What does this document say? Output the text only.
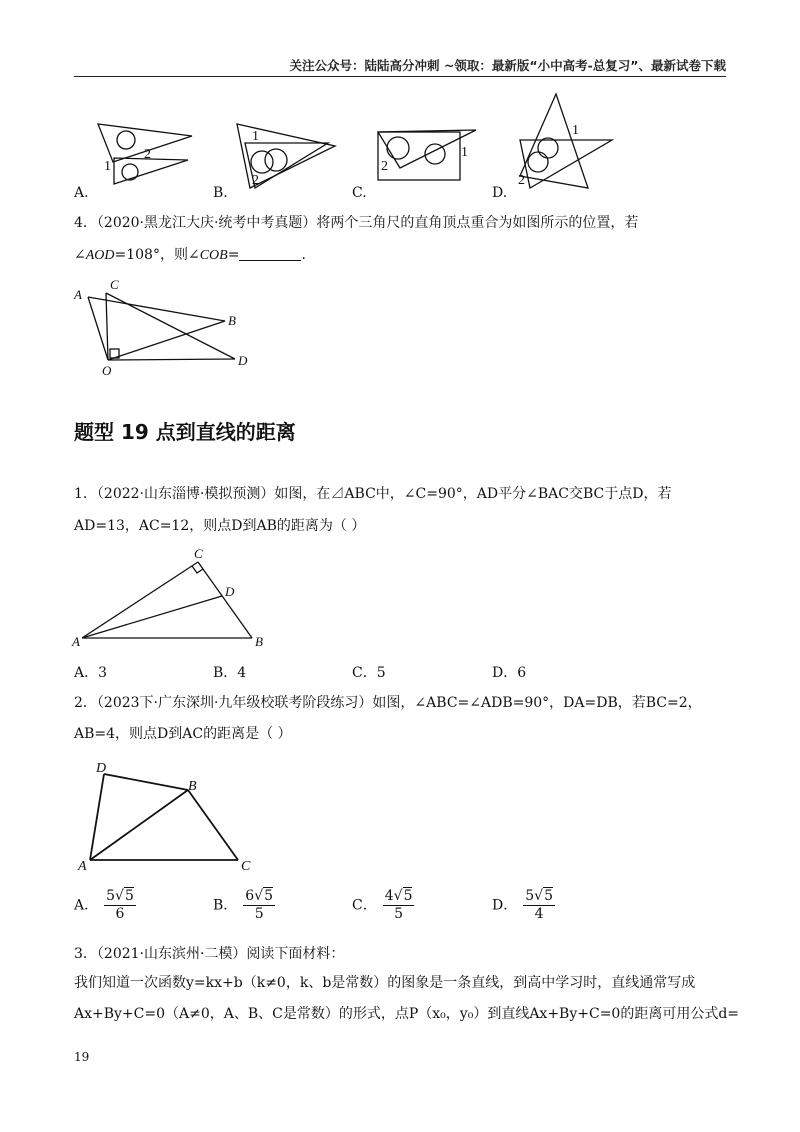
关注公众号：陆陆高分冲刺 ~领取：最新版“小中高考-总复习”、最新试卷下载
1
2
1
2
1
2
1
2
A.	B.	C.	D.
4．（2020·黑龙江大庆·统考中考真题）将两个三角尺的直角顶点重合为如图所示的位置，若
∠AOD=108°，则∠COB=	.
A
C
B
O
D
题型 19 点到直线的距离
1．（2022·山东淄博·模拟预测）如图，在⊿ABC中，∠C=90°，AD平分∠BAC交BC于点D，若
AD=13，AC=12，则点D到AB的距离为（ ）
C
D
A	B
A．3	B．4	C．5	D．6
2．（2023下·广东深圳·九年级校联考阶段练习）如图，∠ABC=∠ADB=90°，DA=DB，若BC=2，
AB=4，则点D到AC的距离是（ ）
D
B
A	C
A． $\frac{5√5}{6}$	B． $\frac{6√5}{5}$	C． $\frac{4√5}{5}$	D． $\frac{5√5}{4}$
3．（2021·山东滨州·二模）阅读下面材料：
我们知道一次函数y=kx+b（k≠0，k、b是常数）的图象是一条直线，到高中学习时，直线通常写成
Ax+By+C=0（A≠0，A、B、C是常数）的形式，点P（x₀，y₀）到直线Ax+By+C=0的距离可用公式d=
19
